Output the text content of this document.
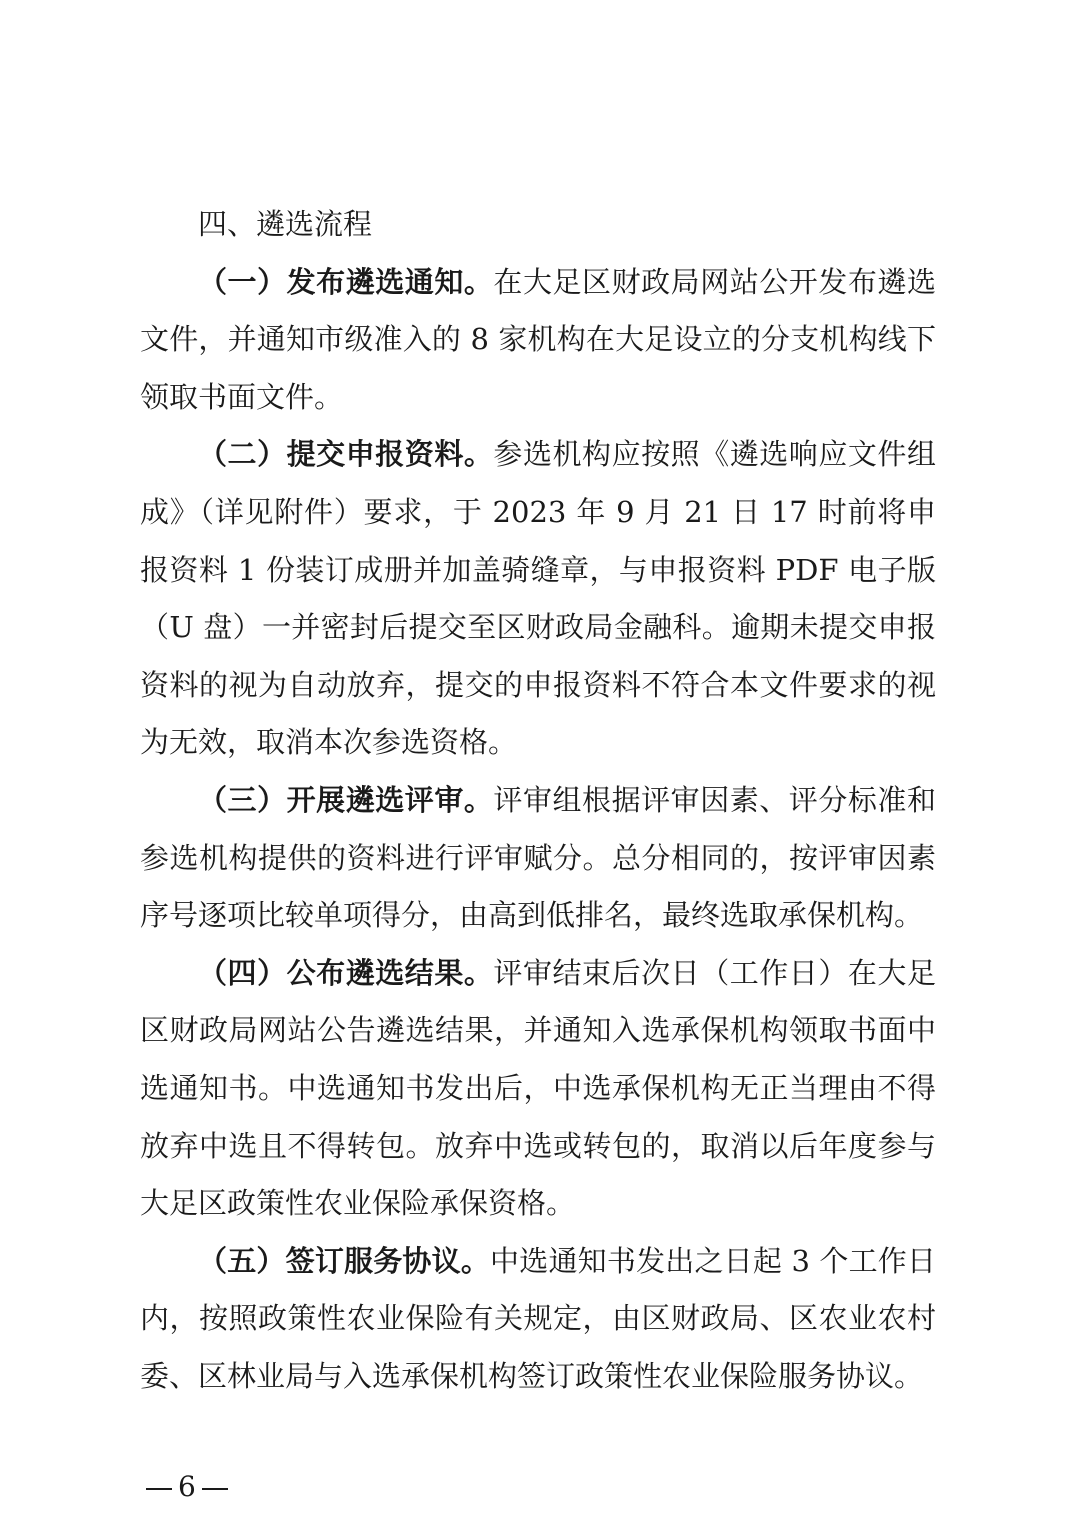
四、遴选流程

（一）发布遴选通知。在大足区财政局网站公开发布遴选文件，并通知市级准入的 8 家机构在大足设立的分支机构线下领取书面文件。

（二）提交申报资料。参选机构应按照《遴选响应文件组成》（详见附件）要求，于 2023 年 9 月 21 日 17 时前将申报资料 1 份装订成册并加盖骑缝章，与申报资料 PDF 电子版（U 盘）一并密封后提交至区财政局金融科。逾期未提交申报资料的视为自动放弃，提交的申报资料不符合本文件要求的视为无效，取消本次参选资格。

（三）开展遴选评审。评审组根据评审因素、评分标准和参选机构提供的资料进行评审赋分。总分相同的，按评审因素序号逐项比较单项得分，由高到低排名，最终选取承保机构。

（四）公布遴选结果。评审结束后次日（工作日）在大足区财政局网站公告遴选结果，并通知入选承保机构领取书面中选通知书。中选通知书发出后，中选承保机构无正当理由不得放弃中选且不得转包。放弃中选或转包的，取消以后年度参与大足区政策性农业保险承保资格。

（五）签订服务协议。中选通知书发出之日起 3 个工作日内，按照政策性农业保险有关规定，由区财政局、区农业农村委、区林业局与入选承保机构签订政策性农业保险服务协议。

6
